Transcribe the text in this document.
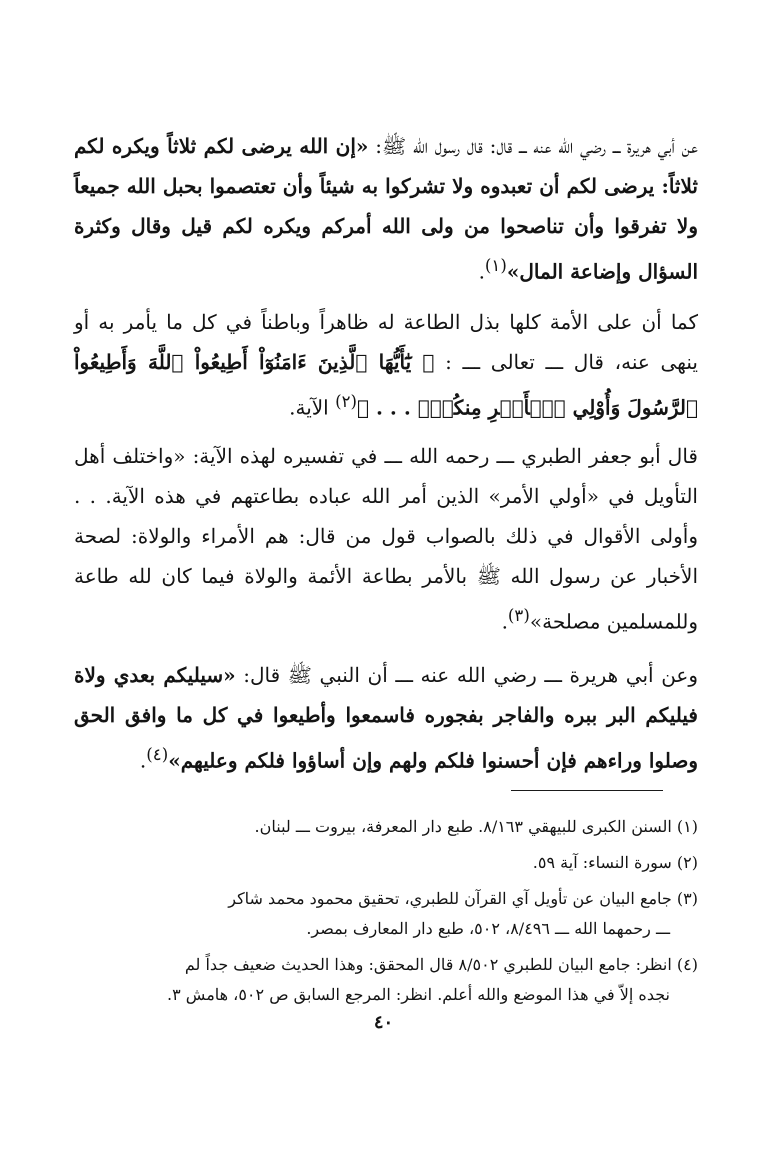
عن أبي هريرة ـــ رضي الله عنه ـــ قال: قال رسول الله ﷺ: «إن الله يرضى لكم ثلاثاً ويكره لكم ثلاثاً: يرضى لكم أن تعبدوه ولا تشركوا به شيئاً وأن تعتصموا بحبل الله جميعاً ولا تفرقوا وأن تناصحوا من ولى الله أمركم ويكره لكم قيل وقال وكثرة السؤال وإضاعة المال»$^{(١)}$.
كما أن على الأمة كلها بذل الطاعة له ظاهراً وباطناً في كل ما يأمر به أو ينهى عنه، قال ـــ تعالى ـــ : ﴿ يَٰٓأَيُّهَا ٱلَّذِينَ ءَامَنُوٓاْ أَطِيعُواْ ٱللَّهَ وَأَطِيعُواْ ٱلرَّسُولَ وَأُوْلِي ٱلۡأَمۡرِ مِنكُمۡۖ . . . ﴾$^{(٢)}$ الآية.
قال أبو جعفر الطبري ـــ رحمه الله ـــ في تفسيره لهذه الآية: «واختلف أهل التأويل في «أولي الأمر» الذين أمر الله عباده بطاعتهم في هذه الآية. . . وأولى الأقوال في ذلك بالصواب قول من قال: هم الأمراء والولاة: لصحة الأخبار عن رسول الله ﷺ بالأمر بطاعة الأئمة والولاة فيما كان لله طاعة وللمسلمين مصلحة»$^{(٣)}$.
وعن أبي هريرة ـــ رضي الله عنه ـــ أن النبي ﷺ قال: «سيليكم بعدي ولاة فيليكم البر ببره والفاجر بفجوره فاسمعوا وأطيعوا في كل ما وافق الحق وصلوا وراءهم فإن أحسنوا فلكم ولهم وإن أساؤوا فلكم وعليهم»$^{(٤)}$.
(١) السنن الكبرى للبيهقي ٨/١٦٣. طبع دار المعرفة، بيروت ـــ لبنان.
(٢) سورة النساء: آية ٥٩.
(٣) جامع البيان عن تأويل آي القرآن للطبري، تحقيق محمود محمد شاكر
ـــ رحمهما الله ـــ ٨/٤٩٦، ٥٠٢، طبع دار المعارف بمصر.
(٤) انظر: جامع البيان للطبري ٨/٥٠٢ قال المحقق: وهذا الحديث ضعيف جداً لم
نجده إلاّ في هذا الموضع والله أعلم. انظر: المرجع السابق ص ٥٠٢، هامش ٣.
٤٠
